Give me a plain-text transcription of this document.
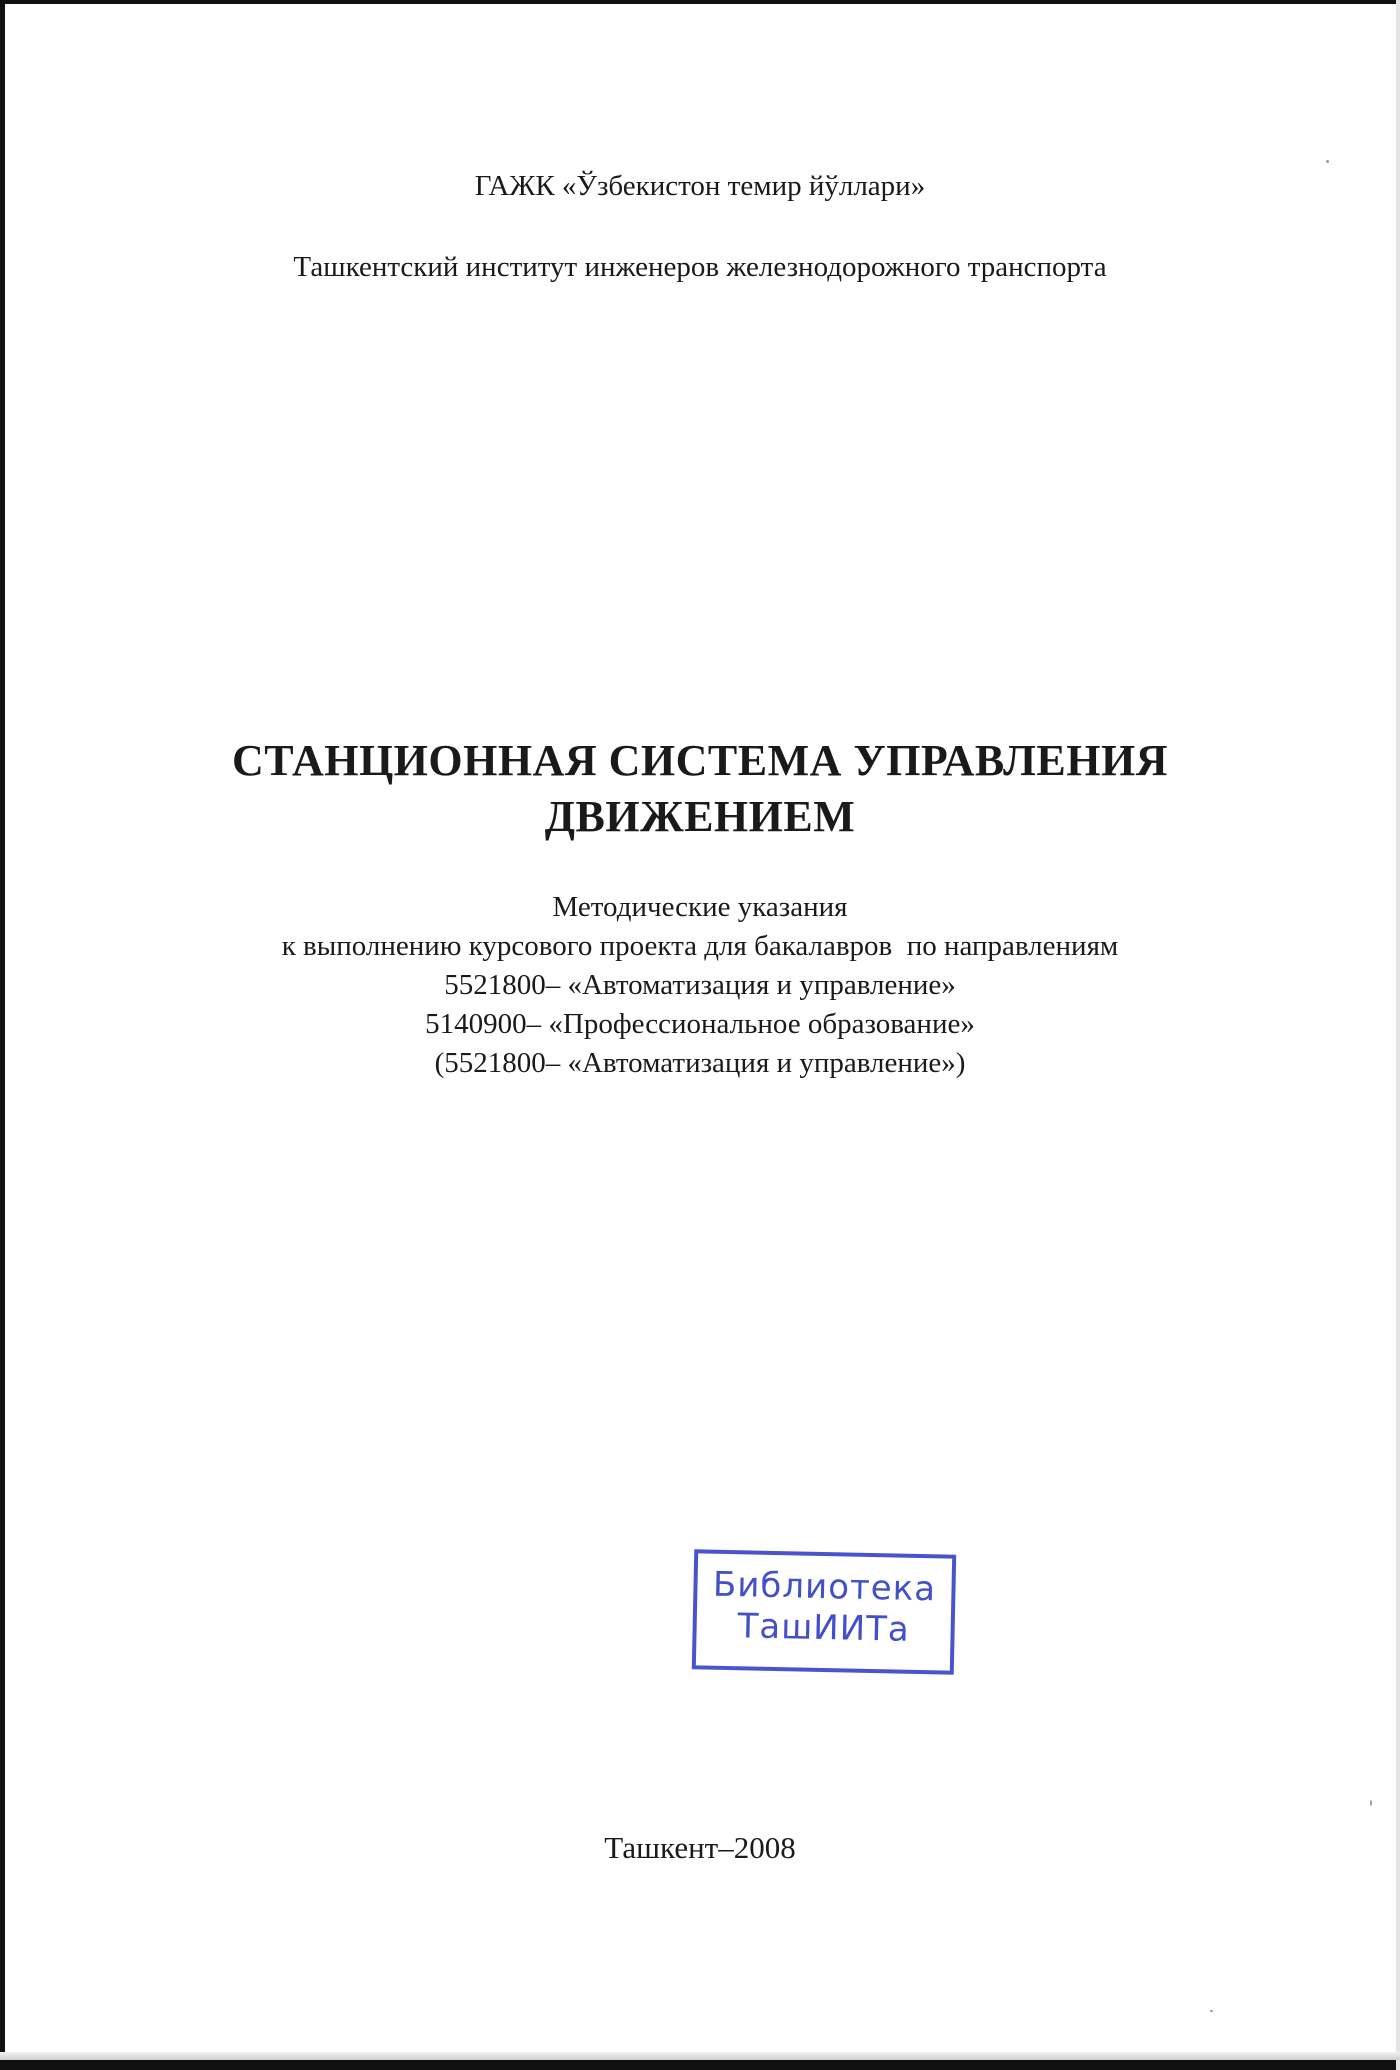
ГАЖК «Ўзбекистон темир йўллари»
Ташкентский институт инженеров железнодорожного транспорта
СТАНЦИОННАЯ СИСТЕМА УПРАВЛЕНИЯ
ДВИЖЕНИЕМ
Методические указания
к выполнению курсового проекта для бакалавров  по направлениям
5521800– «Автоматизация и управление»
5140900– «Профессиональное образование»
(5521800– «Автоматизация и управление»)
Библиотека
ТашИИТа
Ташкент–2008
